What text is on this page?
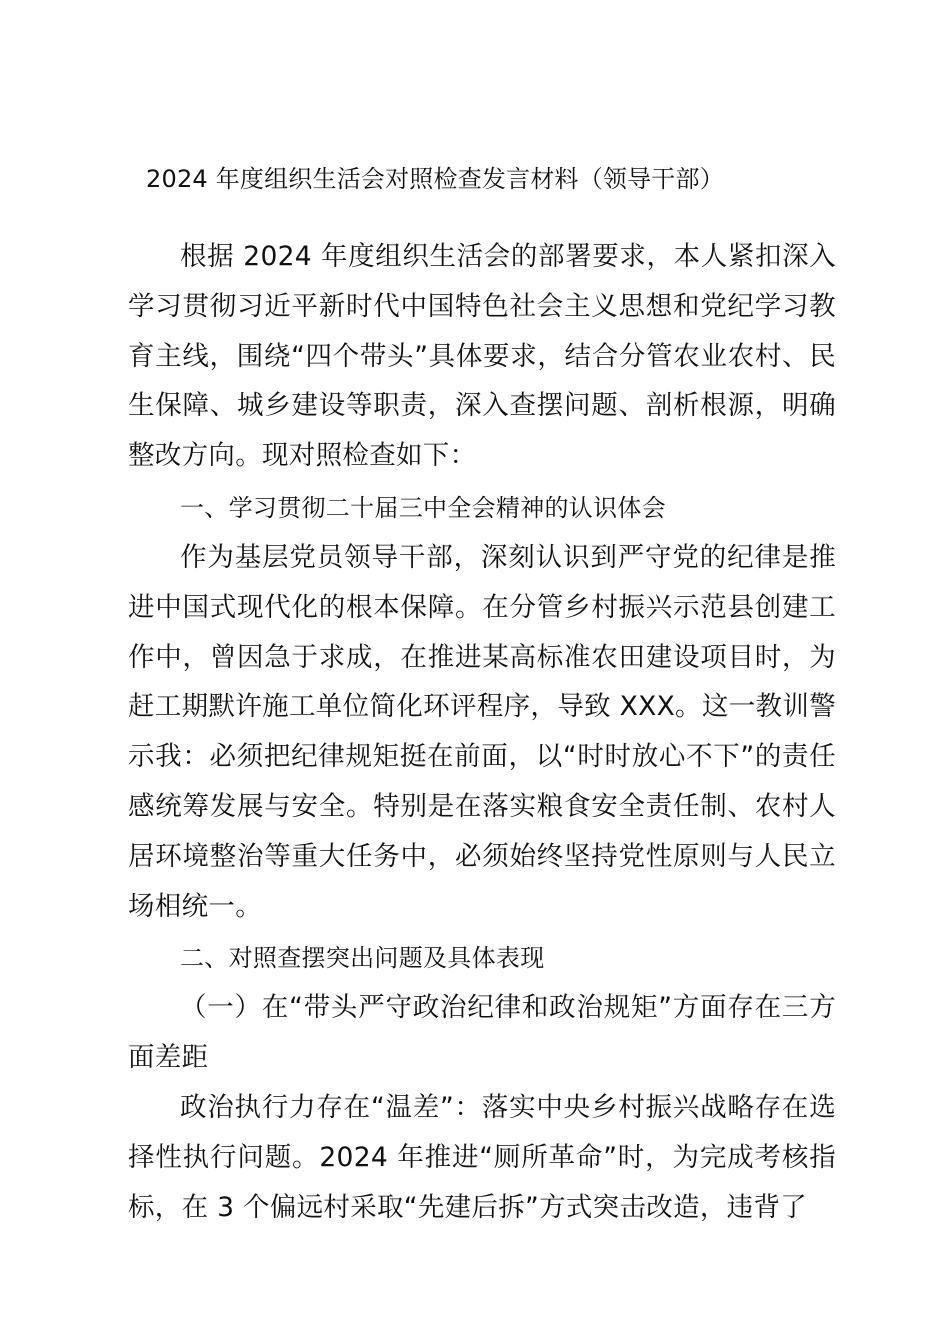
2024 年度组织生活会对照检查发言材料（领导干部）

根据 2024 年度组织生活会的部署要求，本人紧扣深入学习贯彻习近平新时代中国特色社会主义思想和党纪学习教育主线，围绕“四个带头”具体要求，结合分管农业农村、民生保障、城乡建设等职责，深入查摆问题、剖析根源，明确整改方向。现对照检查如下：

一、学习贯彻二十届三中全会精神的认识体会

作为基层党员领导干部，深刻认识到严守党的纪律是推进中国式现代化的根本保障。在分管乡村振兴示范县创建工作中，曾因急于求成，在推进某高标准农田建设项目时，为赶工期默许施工单位简化环评程序，导致 XXX。这一教训警示我：必须把纪律规矩挺在前面，以“时时放心不下”的责任感统筹发展与安全。特别是在落实粮食安全责任制、农村人居环境整治等重大任务中，必须始终坚持党性原则与人民立场相统一。

二、对照查摆突出问题及具体表现

（一）在“带头严守政治纪律和政治规矩”方面存在三方面差距

政治执行力存在“温差”：落实中央乡村振兴战略存在选择性执行问题。2024 年推进“厕所革命”时，为完成考核指标，在 3 个偏远村采取“先建后拆”方式突击改造，违背了
